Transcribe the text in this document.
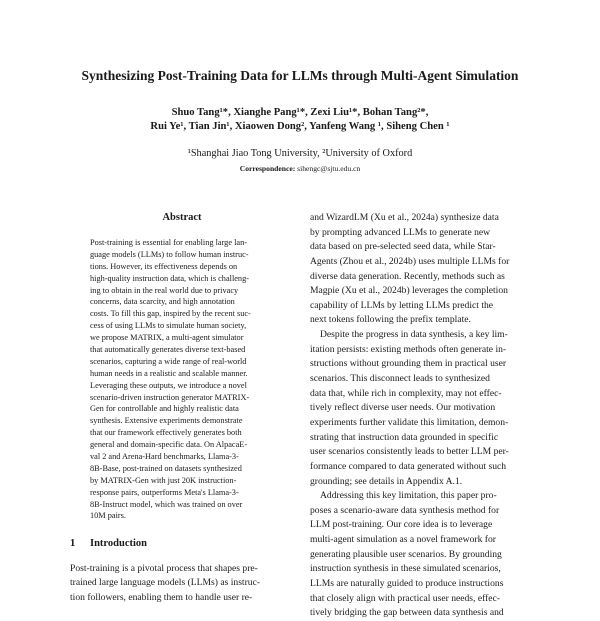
Synthesizing Post-Training Data for LLMs through Multi-Agent Simulation
Shuo Tang¹*, Xianghe Pang¹*, Zexi Liu¹*, Bohan Tang²*,
Rui Ye¹, Tian Jin¹, Xiaowen Dong², Yanfeng Wang ¹, Siheng Chen ¹
¹Shanghai Jiao Tong University, ²University of Oxford
Correspondence: sihengc@sjtu.edu.cn
Abstract
Post-training is essential for enabling large lan-
guage models (LLMs) to follow human instruc-
tions. However, its effectiveness depends on
high-quality instruction data, which is challeng-
ing to obtain in the real world due to privacy
concerns, data scarcity, and high annotation
costs. To fill this gap, inspired by the recent suc-
cess of using LLMs to simulate human society,
we propose MATRIX, a multi-agent simulator
that automatically generates diverse text-based
scenarios, capturing a wide range of real-world
human needs in a realistic and scalable manner.
Leveraging these outputs, we introduce a novel
scenario-driven instruction generator MATRIX-
Gen for controllable and highly realistic data
synthesis. Extensive experiments demonstrate
that our framework effectively generates both
general and domain-specific data. On AlpacaE-
val 2 and Arena-Hard benchmarks, Llama-3-
8B-Base, post-trained on datasets synthesized
by MATRIX-Gen with just 20K instruction-
response pairs, outperforms Meta's Llama-3-
8B-Instruct model, which was trained on over
10M pairs.
1 Introduction
Post-training is a pivotal process that shapes pre-
trained large language models (LLMs) as instruc-
tion followers, enabling them to handle user re-
and WizardLM (Xu et al., 2024a) synthesize data
by prompting advanced LLMs to generate new
data based on pre-selected seed data, while Star-
Agents (Zhou et al., 2024b) uses multiple LLMs for
diverse data generation. Recently, methods such as
Magpie (Xu et al., 2024b) leverages the completion
capability of LLMs by letting LLMs predict the
next tokens following the prefix template.
Despite the progress in data synthesis, a key lim-
itation persists: existing methods often generate in-
structions without grounding them in practical user
scenarios. This disconnect leads to synthesized
data that, while rich in complexity, may not effec-
tively reflect diverse user needs. Our motivation
experiments further validate this limitation, demon-
strating that instruction data grounded in specific
user scenarios consistently leads to better LLM per-
formance compared to data generated without such
grounding; see details in Appendix A.1.
Addressing this key limitation, this paper pro-
poses a scenario-aware data synthesis method for
LLM post-training. Our core idea is to leverage
multi-agent simulation as a novel framework for
generating plausible user scenarios. By grounding
instruction synthesis in these simulated scenarios,
LLMs are naturally guided to produce instructions
that closely align with practical user needs, effec-
tively bridging the gap between data synthesis and
